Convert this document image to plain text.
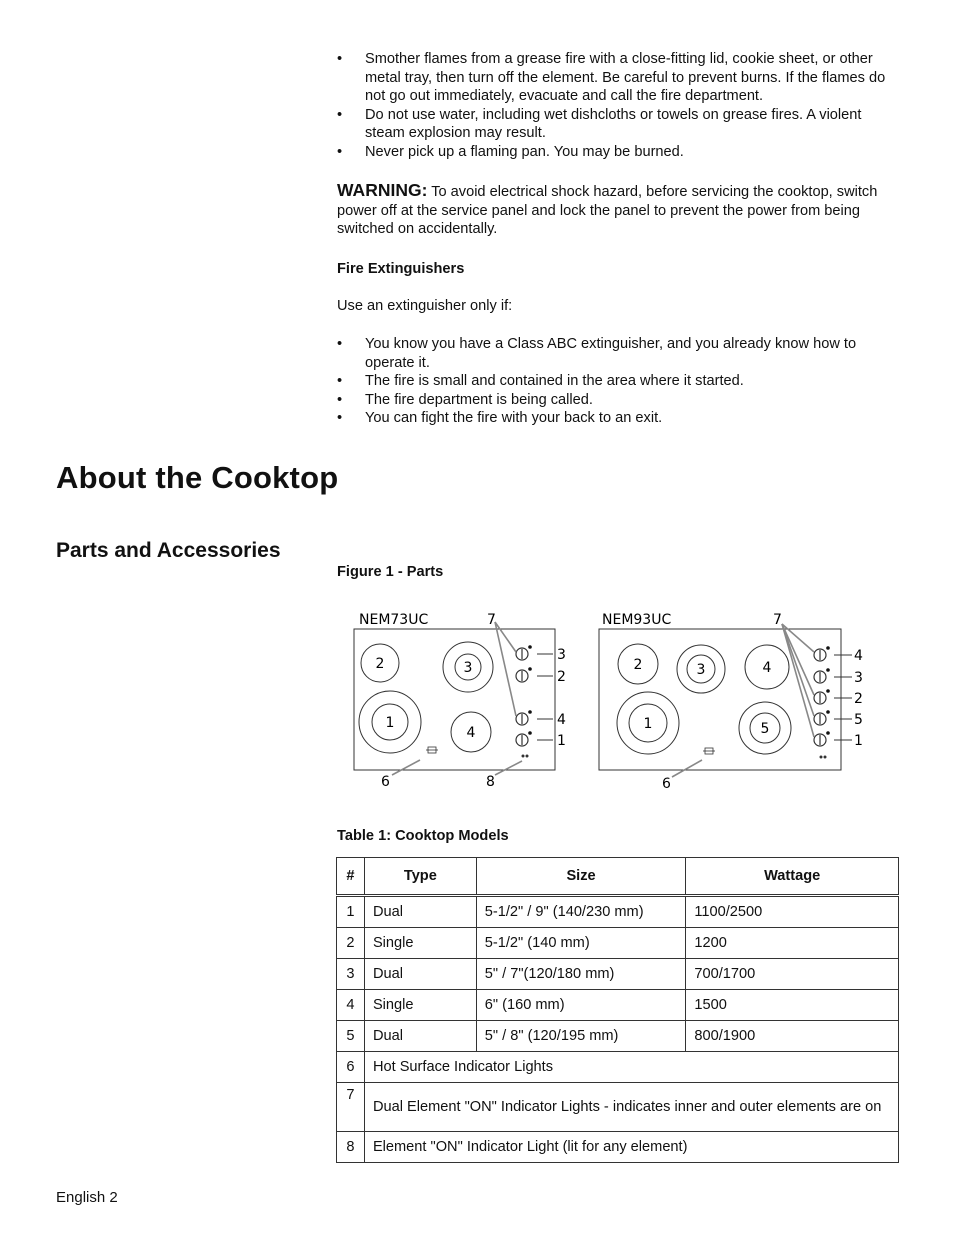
• Smother flames from a grease fire with a close-fitting lid, cookie sheet, or other metal tray, then turn off the element. Be careful to prevent burns. If the flames do not go out immediately, evacuate and call the fire department.
• Do not use water, including wet dishcloths or towels on grease fires. A violent steam explosion may result.
• Never pick up a flaming pan. You may be burned.
WARNING: To avoid electrical shock hazard, before servicing the cooktop, switch power off at the service panel and lock the panel to prevent the power from being switched on accidentally.
Fire Extinguishers
Use an extinguisher only if:
• You know you have a Class ABC extinguisher, and you already know how to operate it.
• The fire is small and contained in the area where it started.
• The fire department is being called.
• You can fight the fire with your back to an exit.
About the Cooktop
Parts and Accessories
Figure 1 - Parts
NEM73UC
2	3
1
4
7
3
2
4
1
6	8
NEM93UC
2	3	4
1	5
7
4
3
2
5
1
6
Table 1: Cooktop Models
#	Type	Size	Wattage
1	Dual	5-1/2" / 9" (140/230 mm)	1100/2500
2	Single	5-1/2" (140 mm)	1200
3	Dual	5" / 7"(120/180 mm)	700/1700
4	Single	6" (160 mm)	1500
5	Dual	5" / 8" (120/195 mm)	800/1900
6	Hot Surface Indicator Lights		
7	Dual Element "ON" Indicator Lights - indicates inner and outer elements are on		
8	Element "ON" Indicator Light (lit for any element)		
English 2
